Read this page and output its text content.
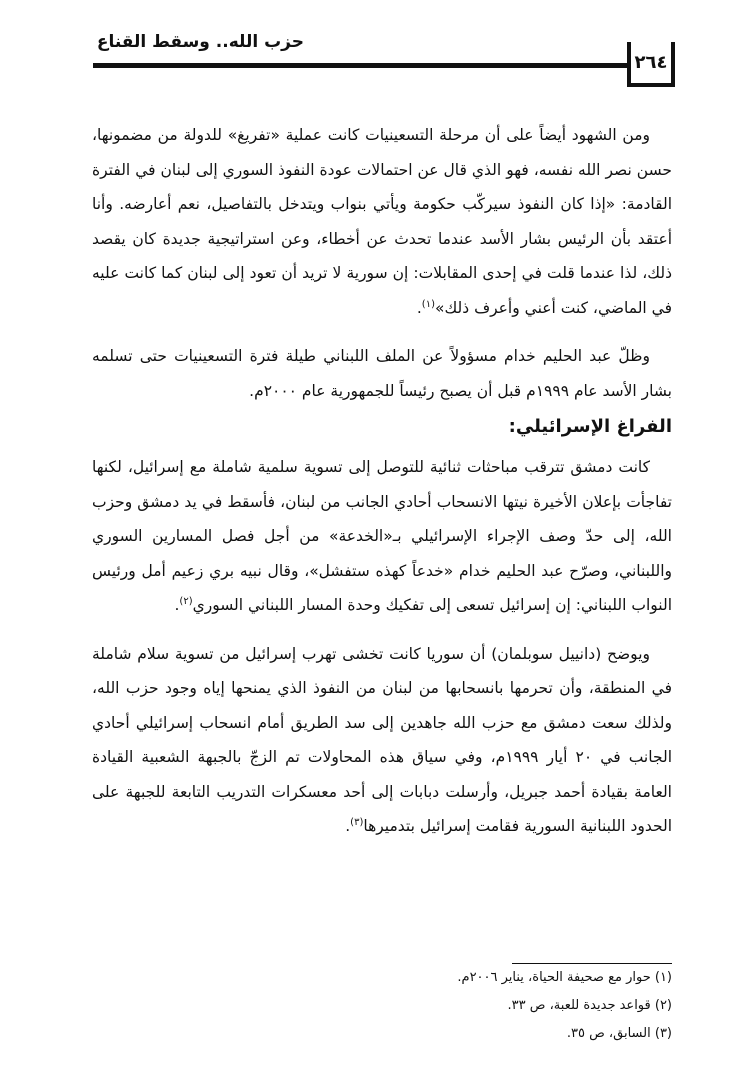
حزب الله.. وسقط القناع
٢٦٤

ومن الشهود أيضاً على أن مرحلة التسعينيات كانت عملية «تفريغ» للدولة من مضمونها، حسن نصر الله نفسه، فهو الذي قال عن احتمالات عودة النفوذ السوري إلى لبنان في الفترة القادمة: «إذا كان النفوذ سيركّب حكومة ويأتي بنواب ويتدخل بالتفاصيل، نعم أعارضه. وأنا أعتقد بأن الرئيس بشار الأسد عندما تحدث عن أخطاء، وعن استراتيجية جديدة كان يقصد ذلك، لذا عندما قلت في إحدى المقابلات: إن سورية لا تريد أن تعود إلى لبنان كما كانت عليه في الماضي، كنت أعني وأعرف ذلك»$^{(١)}$.

وظلّ عبد الحليم خدام مسؤولاً عن الملف اللبناني طيلة فترة التسعينيات حتى تسلمه بشار الأسد عام ١٩٩٩م قبل أن يصبح رئيساً للجمهورية عام ٢٠٠٠م.

الفراغ الإسرائيلي:

كانت دمشق تترقب مباحثات ثنائية للتوصل إلى تسوية سلمية شاملة مع إسرائيل، لكنها تفاجأت بإعلان الأخيرة نيتها الانسحاب أحادي الجانب من لبنان، فأسقط في يد دمشق وحزب الله، إلى حدّ وصف الإجراء الإسرائيلي بـ«الخدعة» من أجل فصل المسارين السوري واللبناني، وصرّح عبد الحليم خدام «خدعاً كهذه ستفشل»، وقال نبيه بري زعيم أمل ورئيس النواب اللبناني: إن إسرائيل تسعى إلى تفكيك وحدة المسار اللبناني السوري$^{(٢)}$.

ويوضح (دانييل سوبلمان) أن سوريا كانت تخشى تهرب إسرائيل من تسوية سلام شاملة في المنطقة، وأن تحرمها بانسحابها من لبنان من النفوذ الذي يمنحها إياه وجود حزب الله، ولذلك سعت دمشق مع حزب الله جاهدين إلى سد الطريق أمام انسحاب إسرائيلي أحادي الجانب في ٢٠ أيار ١٩٩٩م، وفي سياق هذه المحاولات تم الزجّ بالجبهة الشعبية القيادة العامة بقيادة أحمد جبريل، وأرسلت دبابات إلى أحد معسكرات التدريب التابعة للجبهة على الحدود اللبنانية السورية فقامت إسرائيل بتدميرها$^{(٣)}$.

(١) حوار مع صحيفة الحياة، يناير ٢٠٠٦م.

(٢) قواعد جديدة للعبة، ص ٣٣.

(٣) السابق، ص ٣٥.
